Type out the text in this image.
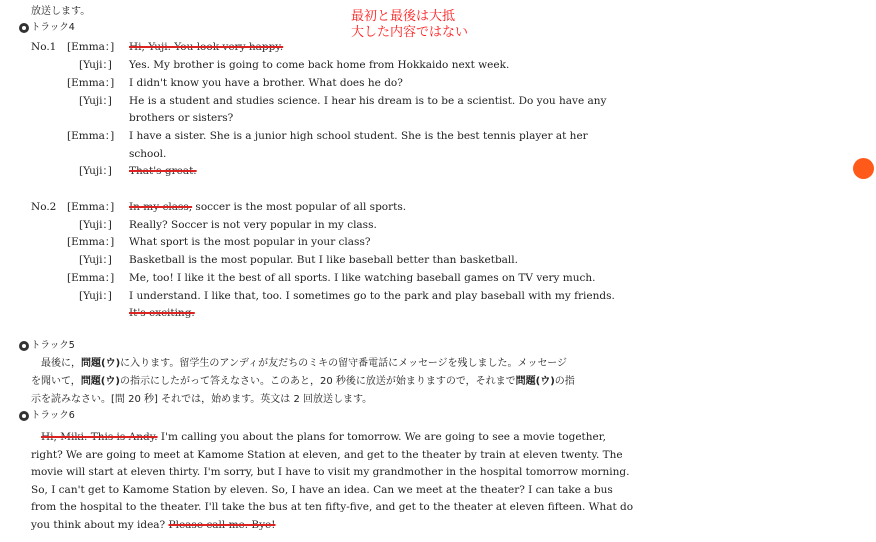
放送します。	最初と最後は大抵
大した内容ではない
トラック4
No.1 [Emma：] Hi, Yuji. You look very happy.
[Yuji：] Yes. My brother is going to come back home from Hokkaido next week.
[Emma：] I didn't know you have a brother. What does he do?
[Yuji：] He is a student and studies science. I hear his dream is to be a scientist. Do you have any
brothers or sisters?
[Emma：] I have a sister. She is a junior high school student. She is the best tennis player at her
school.
[Yuji：] That's great.
No.2 [Emma：] In my class, soccer is the most popular of all sports.
[Yuji：] Really? Soccer is not very popular in my class.
[Emma：] What sport is the most popular in your class?
[Yuji：] Basketball is the most popular. But I like baseball better than basketball.
[Emma：] Me, too! I like it the best of all sports. I like watching baseball games on TV very much.
[Yuji：] I understand. I like that, too. I sometimes go to the park and play baseball with my friends.
It's exciting.
トラック5
最後に，問題(ウ)に入ります。留学生のアンディが友だちのミキの留守番電話にメッセージを残しました。メッセージ
を聞いて，問題(ウ)の指示にしたがって答えなさい。このあと，20 秒後に放送が始まりますので，それまで問題(ウ)の指
示を読みなさい。[間 20 秒] それでは，始めます。英文は 2 回放送します。
トラック6
Hi, Miki. This is Andy. I'm calling you about the plans for tomorrow. We are going to see a movie together,
right? We are going to meet at Kamome Station at eleven, and get to the theater by train at eleven twenty. The
movie will start at eleven thirty. I'm sorry, but I have to visit my grandmother in the hospital tomorrow morning.
So, I can't get to Kamome Station by eleven. So, I have an idea. Can we meet at the theater? I can take a bus
from the hospital to the theater. I'll take the bus at ten fifty-five, and get to the theater at eleven fifteen. What do
you think about my idea? Please call me. Bye!
